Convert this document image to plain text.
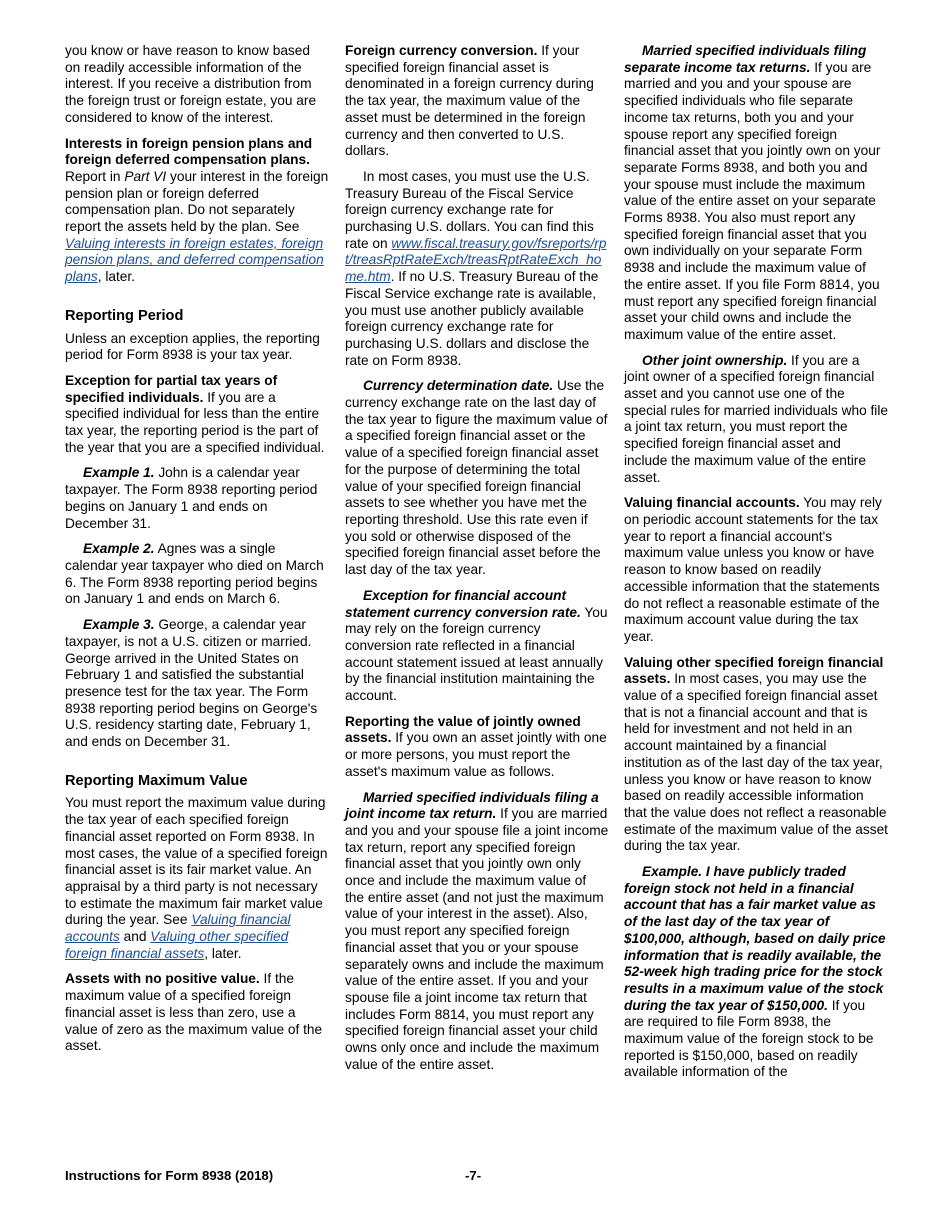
you know or have reason to know based on readily accessible information of the interest. If you receive a distribution from the foreign trust or foreign estate, you are considered to know of the interest.

Interests in foreign pension plans and foreign deferred compensation plans. Report in Part VI your interest in the foreign pension plan or foreign deferred compensation plan. Do not separately report the assets held by the plan. See Valuing interests in foreign estates, foreign pension plans, and deferred compensation plans, later.

Reporting Period

Unless an exception applies, the reporting period for Form 8938 is your tax year.

Exception for partial tax years of specified individuals. If you are a specified individual for less than the entire tax year, the reporting period is the part of the year that you are a specified individual.

Example 1. John is a calendar year taxpayer. The Form 8938 reporting period begins on January 1 and ends on December 31.

Example 2. Agnes was a single calendar year taxpayer who died on March 6. The Form 8938 reporting period begins on January 1 and ends on March 6.

Example 3. George, a calendar year taxpayer, is not a U.S. citizen or married. George arrived in the United States on February 1 and satisfied the substantial presence test for the tax year. The Form 8938 reporting period begins on George's U.S. residency starting date, February 1, and ends on December 31.

Reporting Maximum Value

You must report the maximum value during the tax year of each specified foreign financial asset reported on Form 8938. In most cases, the value of a specified foreign financial asset is its fair market value. An appraisal by a third party is not necessary to estimate the maximum fair market value during the year. See Valuing financial accounts and Valuing other specified foreign financial assets, later.

Assets with no positive value. If the maximum value of a specified foreign financial asset is less than zero, use a value of zero as the maximum value of the asset.

Foreign currency conversion. If your specified foreign financial asset is denominated in a foreign currency during the tax year, the maximum value of the asset must be determined in the foreign currency and then converted to U.S. dollars.

In most cases, you must use the U.S. Treasury Bureau of the Fiscal Service foreign currency exchange rate for purchasing U.S. dollars. You can find this rate on www.fiscal.treasury.gov/fsreports/rpt/treasRptRateExch/treasRptRateExch_home.htm. If no U.S. Treasury Bureau of the Fiscal Service exchange rate is available, you must use another publicly available foreign currency exchange rate for purchasing U.S. dollars and disclose the rate on Form 8938.

Currency determination date. Use the currency exchange rate on the last day of the tax year to figure the maximum value of a specified foreign financial asset or the value of a specified foreign financial asset for the purpose of determining the total value of your specified foreign financial assets to see whether you have met the reporting threshold. Use this rate even if you sold or otherwise disposed of the specified foreign financial asset before the last day of the tax year.

Exception for financial account statement currency conversion rate. You may rely on the foreign currency conversion rate reflected in a financial account statement issued at least annually by the financial institution maintaining the account.

Reporting the value of jointly owned assets. If you own an asset jointly with one or more persons, you must report the asset's maximum value as follows.

Married specified individuals filing a joint income tax return. If you are married and you and your spouse file a joint income tax return, report any specified foreign financial asset that you jointly own only once and include the maximum value of the entire asset (and not just the maximum value of your interest in the asset). Also, you must report any specified foreign financial asset that you or your spouse separately owns and include the maximum value of the entire asset. If you and your spouse file a joint income tax return that includes Form 8814, you must report any specified foreign financial asset your child owns only once and include the maximum value of the entire asset.

Married specified individuals filing separate income tax returns. If you are married and you and your spouse are specified individuals who file separate income tax returns, both you and your spouse report any specified foreign financial asset that you jointly own on your separate Forms 8938, and both you and your spouse must include the maximum value of the entire asset on your separate Forms 8938. You also must report any specified foreign financial asset that you own individually on your separate Form 8938 and include the maximum value of the entire asset. If you file Form 8814, you must report any specified foreign financial asset your child owns and include the maximum value of the entire asset.

Other joint ownership. If you are a joint owner of a specified foreign financial asset and you cannot use one of the special rules for married individuals who file a joint tax return, you must report the specified foreign financial asset and include the maximum value of the entire asset.

Valuing financial accounts. You may rely on periodic account statements for the tax year to report a financial account's maximum value unless you know or have reason to know based on readily accessible information that the statements do not reflect a reasonable estimate of the maximum account value during the tax year.

Valuing other specified foreign financial assets. In most cases, you may use the value of a specified foreign financial asset that is not a financial account and that is held for investment and not held in an account maintained by a financial institution as of the last day of the tax year, unless you know or have reason to know based on readily accessible information that the value does not reflect a reasonable estimate of the maximum value of the asset during the tax year.

Example. I have publicly traded foreign stock not held in a financial account that has a fair market value as of the last day of the tax year of $100,000, although, based on daily price information that is readily available, the 52-week high trading price for the stock results in a maximum value of the stock during the tax year of $150,000. If you are required to file Form 8938, the maximum value of the foreign stock to be reported is $150,000, based on readily available information of the

Instructions for Form 8938 (2018)	-7-
